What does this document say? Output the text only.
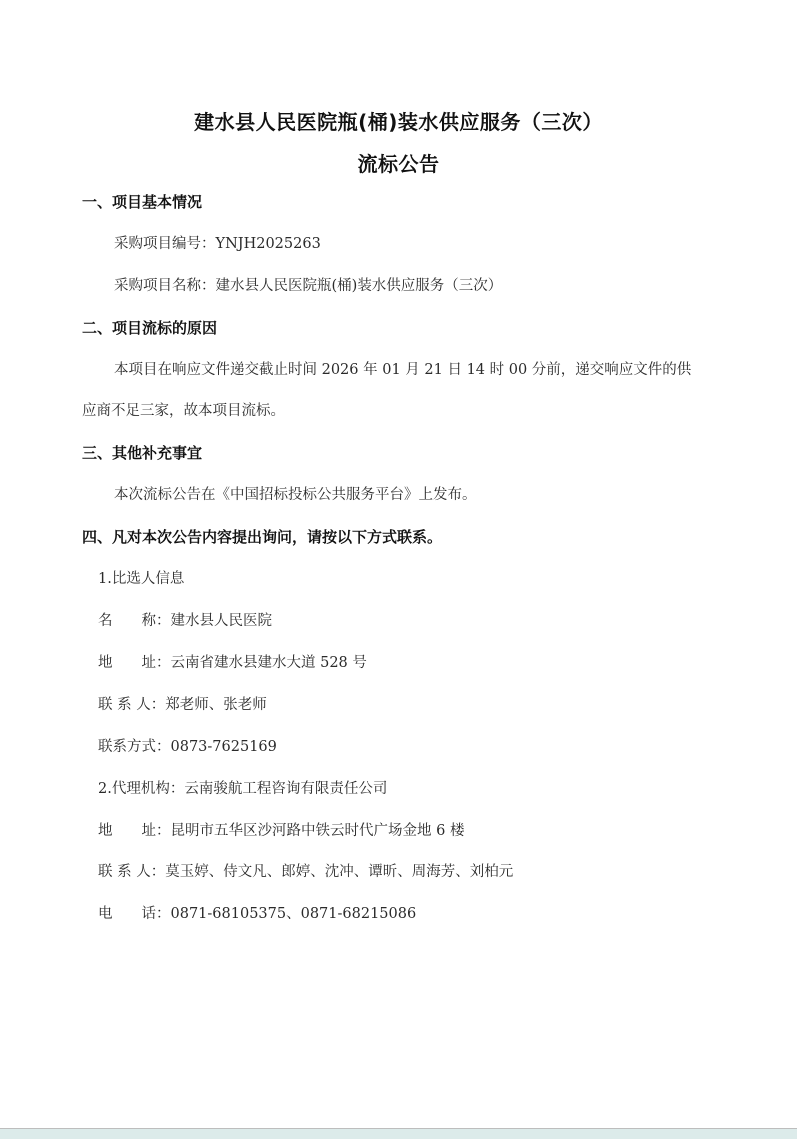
建水县人民医院瓶(桶)装水供应服务（三次）
流标公告
一、项目基本情况
采购项目编号：YNJH2025263
采购项目名称：建水县人民医院瓶(桶)装水供应服务（三次）
二、项目流标的原因
本项目在响应文件递交截止时间 2026 年 01 月 21 日 14 时 00 分前，递交响应文件的供
应商不足三家，故本项目流标。
三、其他补充事宜
本次流标公告在《中国招标投标公共服务平台》上发布。
四、凡对本次公告内容提出询问，请按以下方式联系。
1.比选人信息
名　　称：建水县人民医院
地　　址：云南省建水县建水大道 528 号
联 系 人：郑老师、张老师
联系方式：0873-7625169
2.代理机构：云南骏航工程咨询有限责任公司
地　　址：昆明市五华区沙河路中铁云时代广场金地 6 楼
联 系 人：莫玉婷、侍文凡、郎婷、沈冲、谭昕、周海芳、刘柏元
电　　话：0871-68105375、0871-68215086
